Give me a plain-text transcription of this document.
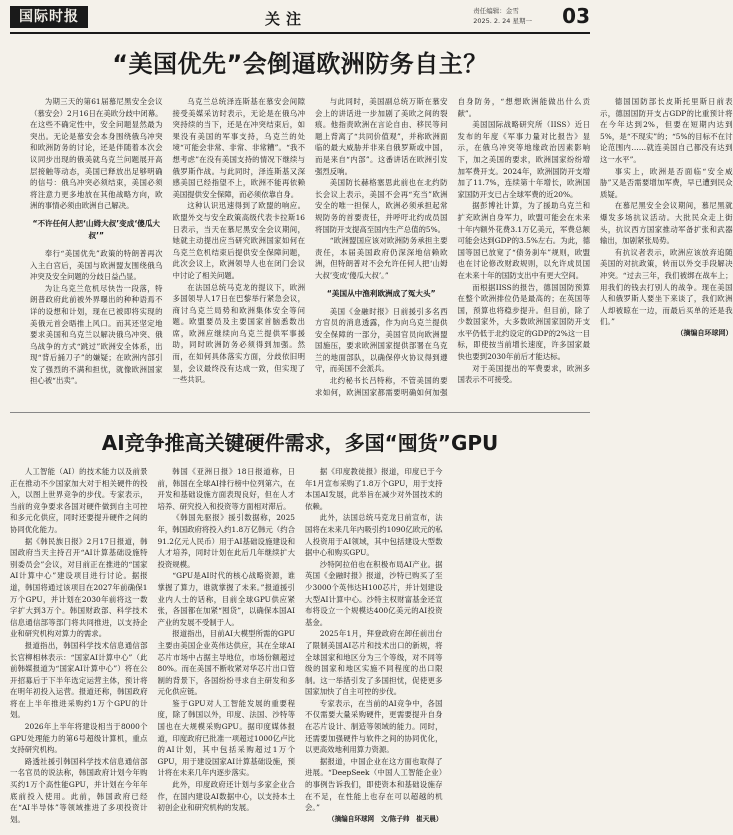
国际时报	关注	责任编辑：金雪
2025. 2. 24 星期一 03
“美国优先”会倒逼欧洲防务自主？

为期三天的第61届慕尼黑安全会议（慕安会）2月16日在美欧分歧中闭幕。在这些不确定性中，安全问题显然最为突出。无论是慕安会本身围绕俄乌冲突和欧洲防务的讨论，还是伴随着本次会议同步出现的俄美就乌克兰问题展开高层接触等动态，美国已释放出足够明确的信号：俄乌冲突必须结束，美国必须将注意力更多地放在其他战略方向，欧洲的事情必须由欧洲自己解决。

“不许任何人把‘山姆大叔’变成‘傻瓜大叔’”

奉行“美国优先”政策的特朗普再次入主白宫后，美国与欧洲盟友围绕俄乌冲突及安全问题的分歧日益凸显。

为让乌克兰危机尽快告一段落，特朗普政府此前被外界曝出的种种语焉不详的设想和计划，现在已被即将实现的美俄元首会晤推上风口。而其还坚定地要求美国和乌克兰以解决俄乌冲突、俄乌战争的方式“跳过”欧洲安全体系，出现“背后捅刀子”的嫌疑；在欧洲内部引发了强烈的不满和担忧，就像欧洲国家担心被“出卖”。

乌克兰总统泽连斯基在慕安会间隙接受美媒采访时表示，无论是在俄乌冲突持续的当下，还是在冲突结束后，如果没有美国的军事支持，乌克兰的处境“可能会非常、非常、非常糟”。“我不想考虑”在没有美国支持的情况下继续与俄罗斯作战。与此同时，泽连斯基又深感美国已经指望不上，欧洲不能再依赖美国提供安全保障，而必须依靠自身。

这种认识迅速得到了欧盟的响应。欧盟外交与安全政策高级代表卡拉斯16日表示，当天在慕尼黑安全会议期间，她就主动提出应当研究欧洲国家如何在乌克兰危机结束后提供安全保障问题，此次会议上，欧洲领导人也在闭门会议中讨论了相关问题。

在法国总统马克龙的提议下，欧洲多国领导人17日在巴黎举行紧急会议，商讨乌克兰局势和欧洲集体安全等问题。欧盟要员及主要国家首脑悉数出席，欧洲应继续向乌克兰提供军事援助，同时欧洲防务必须得到加强。然而，在如何具体落实方面，分歧依旧明显，会议最终没有达成一致，但实现了一些共识。

与此同时，美国副总统万斯在慕安会上的讲话进一步加剧了美欧之间的裂痕。他指责欧洲在言论自由、移民等问题上背离了“共同价值观”，并称欧洲面临的最大威胁并非来自俄罗斯或中国，而是来自“内部”。这番讲话在欧洲引发强烈反响。

美国防长赫格塞思此前也在北约防长会议上表示，美国不会再“充当”欧洲安全的唯一担保人，欧洲必须承担起常规防务的首要责任，并呼吁北约成员国将国防开支提高至国内生产总值的5%。

“欧洲盟国应该对欧洲防务承担主要责任，本届美国政府仍深深地信赖欧洲，但特朗普对不会允许任何人把‘山姆大叔’变成‘傻瓜大叔’。”

“美国从中渔利欧洲成了冤大头”

美国《金融时报》日前援引多名西方官员的消息透露，作为向乌克兰提供安全保障的一部分，美国官员向欧洲盟国施压，要求欧洲国家提供部署在乌克兰的地面部队，以确保停火协议得到遵守，而美国不会派兵。

北约秘书长吕特称，不管美国的要求如何，欧洲国家都需要明确如何加强自身防务，“想想欧洲能做出什么贡献”。

美国国际战略研究所（IISS）近日发布的年度《军事力量对比报告》显示，在俄乌冲突等地缘政治因素影响下，加之美国的要求，欧洲国家纷纷增加军费开支。2024年，欧洲国防开支增加了11.7%，连续第十年增长，欧洲国家国防开支已占全球军费的近20%。

据彭博社计算，为了援助乌克兰和扩充欧洲自身军力，欧盟可能会在未来十年内额外花费3.1万亿美元，军费总额可能会达到GDP的3.5%左右。为此，德国等国已放宽了“债务刹车”规则，欧盟也在讨论修改财政规则，以允许成员国在未来十年的国防支出中有更大空间。

而根据IISS的报告，德国国防预算在整个欧洲排位仍是最高的；在英国等国，预算也将稳步提升。但目前，除了少数国家外，大多数欧洲国家国防开支水平仍低于北约设定的GDP的2%这一目标，即使按当前增长速度，许多国家最快也要到2030年前后才能达标。

对于美国提出的军费要求，欧洲多国表示不可接受。

德国国防部长皮斯托里斯日前表示，德国国防开支占GDP的比重预计将在今年达到2%，但要在短期内达到5%，是“不现实”的；“5%的目标不在讨论范围内……就连美国自己都没有达到这一水平”。

事实上，欧洲是否面临“安全威胁”又是否需要增加军费，早已遭到民众质疑。

在慕尼黑安全会议期间，慕尼黑就爆发多场抗议活动。大批民众走上街头，抗议西方国家推动军备扩张和武器输出，加剧紧张局势。

有抗议者表示，欧洲应该放弃追随美国的对抗政策，转而以外交手段解决冲突。“过去三年，我们被绑在战车上；用我们的钱去打别人的战争。现在美国人和俄罗斯人要坐下来谈了，我们欧洲人却被晾在一边，而最后买单的还是我们。”

（摘编自环球网）

AI竞争推高关键硬件需求，多国“囤货”GPU

人工智能（AI）的技术能力以及前景正在推动不少国家加大对于相关硬件的投入，以图上世界竞争的步伐。专家表示，当前的竞争要求各国对硬件做到自主可控和多元化供应，同时还要提升硬件之间的协同优化能力。

据《韩民族日报》2月17日报道，韩国政府当天主持召开“AI计算基础设施特别委员会”会议，对目前正在推进的“国家AI计算中心”建设项目进行讨论。据报道，韩国将通过该项目在2027年前确保1万个GPU，并计划在2030年前将这一数字扩大到3万个。韩国财政部、科学技术信息通信部等部门将共同推进，以支持企业和研究机构对算力的需求。

报道指出，韩国科学技术信息通信部长官柳相林表示：“国家AI计算中心”（此前韩媒报道为“国家AI计算中心”）将在公开招募后于下半年选定运营主体，预计将在明年初投入运营。报道还称，韩国政府将在上半年推进采购约1万个GPU的计划。

2026年上半年将建设相当于8000个GPU处理能力的第6号超级计算机，重点支持研究机构。

路透社援引韩国科学技术信息通信部一名官员的说法称，韩国政府计划今年购买约1万个高性能GPU，并计划在今年年底前投入使用。此前，韩国政府已经在“AI半导体”等领域推进了多项投资计划。

韩国《亚洲日报》18日报道称，日前，韩国在全球AI排行榜中位列第六，在开发和基础设施方面表现良好，但在人才培养、研究投入和投资等方面相对滞后。

《韩国先驱报》援引数据称，2025年，韩国政府将投入约1.8万亿韩元（约合91.2亿元人民币）用于AI基础设施建设和人才培养，同时计划在此后几年继续扩大投资规模。

“GPU是AI时代的核心战略资源，谁掌握了算力，谁就掌握了未来。”报道援引业内人士的话称，目前全球GPU供应紧张，各国都在加紧“囤货”，以确保本国AI产业的发展不受制于人。

报道指出，目前AI大模型所需的GPU主要由美国企业英伟达供应，其在全球AI芯片市场中占据主导地位，市场份额超过80%。而在美国不断收紧对华芯片出口管制的背景下，各国纷纷寻求自主研发和多元化供应链。

鉴于GPU对人工智能发展的重要程度，除了韩国以外，印度、法国、沙特等国也在大规模采购GPU。据印度媒体报道，印度政府已批准一项超过1000亿卢比的AI计划，其中包括采购超过1万个GPU，用于建设国家AI计算基础设施，预计将在未来几年内逐步落实。

此外，印度政府还计划与多家企业合作，在国内建设AI数据中心，以支持本土初创企业和研究机构的发展。

据《印度教徒报》报道，印度已于今年1月宣布采购了1.8万个GPU，用于支持本国AI发展，此举旨在减少对外国技术的依赖。

此外，法国总统马克龙日前宣布，法国将在未来几年内吸引约1090亿欧元的私人投资用于AI领域，其中包括建设大型数据中心和购买GPU。

沙特阿拉伯也在积极布局AI产业。据英国《金融时报》报道，沙特已购买了至少3000个英伟达H100芯片，并计划建设大型AI计算中心。沙特主权财富基金还宣布将设立一个规模达400亿美元的AI投资基金。

2025年1月，拜登政府在卸任前出台了限制美国AI芯片和技术出口的新规，将全球国家和地区分为三个等级，对不同等级的国家和地区实施不同程度的出口限制。这一举措引发了多国担忧，促使更多国家加快了自主可控的步伐。

专家表示，在当前的AI竞争中，各国不仅需要大量采购硬件，更需要提升自身在芯片设计、制造等领域的能力。同时，还需要加强硬件与软件之间的协同优化，以更高效地利用算力资源。

据报道，中国企业在这方面也取得了进展。“DeepSeek（中国人工智能企业）的事例告诉我们，即使资本和基础设施存在不足，在性能上也存在可以超越的机会。”

（摘编自环球网　文/陈子帅　崔天晨）
